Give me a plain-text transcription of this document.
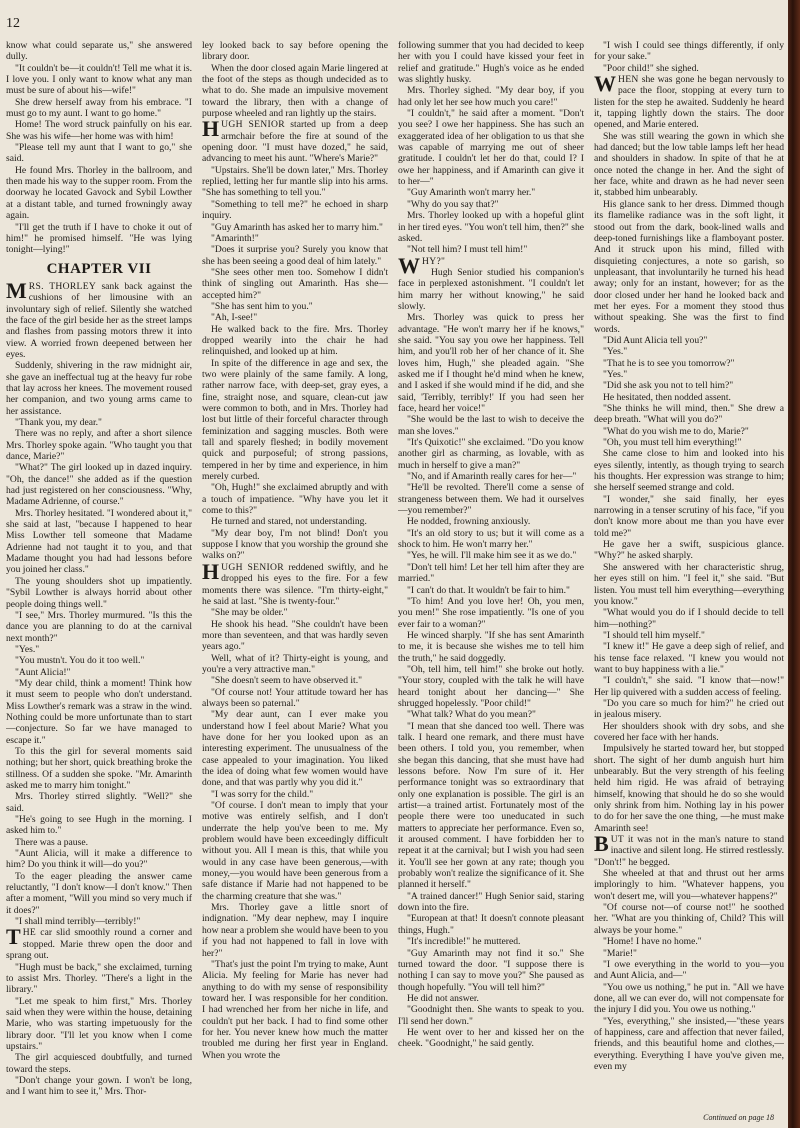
12

know what could separate us," she answered dully.

"It couldn't be—it couldn't! Tell me what it is. I love you. I only want to know what any man must be sure of about his—wife!"

She drew herself away from his embrace. "I must go to my aunt. I want to go home."

Home! The word struck painfully on his ear. She was his wife—her home was with him!

"Please tell my aunt that I want to go," she said.

He found Mrs. Thorley in the ballroom, and then made his way to the supper room. From the doorway he located Gavock and Sybil Lowther at a distant table, and turned frowningly away again.

"I'll get the truth if I have to choke it out of him!" he promised himself. "He was lying tonight—lying!"

CHAPTER VII

MRS. THORLEY sank back against the cushions of her limousine with an involuntary sigh of relief. Silently she watched the face of the girl beside her as the street lamps and flashes from passing motors threw it into view. A worried frown deepened between her eyes.

Suddenly, shivering in the raw midnight air, she gave an ineffectual tug at the heavy fur robe that lay across her knees. The movement roused her companion, and two young arms came to her assistance.

"Thank you, my dear."

There was no reply, and after a short silence Mrs. Thorley spoke again. "Who taught you that dance, Marie?"

"What?" The girl looked up in dazed inquiry. "Oh, the dance!" she added as if the question had just registered on her consciousness. "Why, Madame Adrienne, of course."

Mrs. Thorley hesitated. "I wondered about it," she said at last, "because I happened to hear Miss Lowther tell someone that Madame Adrienne had not taught it to you, and that Madame thought you had had lessons before you joined her class."

The young shoulders shot up impatiently. "Sybil Lowther is always horrid about other people doing things well."

"I see," Mrs. Thorley murmured. "Is this the dance you are planning to do at the carnival next month?"

"Yes."

"You mustn't. You do it too well."

"Aunt Alicia!"

"My dear child, think a moment! Think how it must seem to people who don't understand. Miss Lowther's remark was a straw in the wind. Nothing could be more unfortunate than to start—conjecture. So far we have managed to escape it."

To this the girl for several moments said nothing; but her short, quick breathing broke the stillness. Of a sudden she spoke. "Mr. Amarinth asked me to marry him tonight."

Mrs. Thorley stirred slightly. "Well?" she said.

"He's going to see Hugh in the morning. I asked him to."

There was a pause.

"Aunt Alicia, will it make a difference to him? Do you think it will—do you?"

To the eager pleading the answer came reluctantly, "I don't know—I don't know." Then after a moment, "Will you mind so very much if it does?"

"I shall mind terribly—terribly!"

THE car slid smoothly round a corner and stopped. Marie threw open the door and sprang out.

"Hugh must be back," she exclaimed, turning to assist Mrs. Thorley. "There's a light in the library."

"Let me speak to him first," Mrs. Thorley said when they were within the house, detaining Marie, who was starting impetuously for the library door. "I'll let you know when I come upstairs."

The girl acquiesced doubtfully, and turned toward the steps.

"Don't change your gown. I won't be long, and I want him to see it," Mrs. Thor-

ley looked back to say before opening the library door.

When the door closed again Marie lingered at the foot of the steps as though undecided as to what to do. She made an impulsive movement toward the library, then with a change of purpose wheeled and ran lightly up the stairs.

HUGH SENIOR started up from a deep armchair before the fire at sound of the opening door. "I must have dozed," he said, advancing to meet his aunt. "Where's Marie?"

"Upstairs. She'll be down later," Mrs. Thorley replied, letting her fur mantle slip into his arms. "She has something to tell you."

"Something to tell me?" he echoed in sharp inquiry.

"Guy Amarinth has asked her to marry him."

"Amarinth!"

"Does it surprise you? Surely you know that she has been seeing a good deal of him lately."

"She sees other men too. Somehow I didn't think of singling out Amarinth. Has she—accepted him?"

"She has sent him to you."

"Ah, I-see!"

He walked back to the fire. Mrs. Thorley dropped wearily into the chair he had relinquished, and looked up at him.

In spite of the difference in age and sex, the two were plainly of the same family. A long, rather narrow face, with deep-set, gray eyes, a fine, straight nose, and square, clean-cut jaw were common to both, and in Mrs. Thorley had lost but little of their forceful character through feminization and sagging muscles. Both were tall and sparely fleshed; in bodily movement quick and purposeful; of strong passions, tempered in her by time and experience, in him merely curbed.

"Oh, Hugh!" she exclaimed abruptly and with a touch of impatience. "Why have you let it come to this?"

He turned and stared, not understanding.

"My dear boy, I'm not blind! Don't you suppose I know that you worship the ground she walks on?"

HUGH SENIOR reddened swiftly, and he dropped his eyes to the fire. For a few moments there was silence. "I'm thirty-eight," he said at last. "She is twenty-four."

"She may be older."

He shook his head. "She couldn't have been more than seventeen, and that was hardly seven years ago."

Well, what of it? Thirty-eight is young, and you're a very attractive man."

"She doesn't seem to have observed it."

"Of course not! Your attitude toward her has always been so paternal."

"My dear aunt, can I ever make you understand how I feel about Marie? What you have done for her you looked upon as an interesting experiment. The unusualness of the case appealed to your imagination. You liked the idea of doing what few women would have done, and that was partly why you did it."

"I was sorry for the child."

"Of course. I don't mean to imply that your motive was entirely selfish, and I don't underrate the help you've been to me. My problem would have been exceedingly difficult without you. All I mean is this, that while you would in any case have been generous,—with money,—you would have been generous from a safe distance if Marie had not happened to be the charming creature that she was."

Mrs. Thorley gave a little snort of indignation. "My dear nephew, may I inquire how near a problem she would have been to you if you had not happened to fall in love with her?"

"That's just the point I'm trying to make, Aunt Alicia. My feeling for Marie has never had anything to do with my sense of responsibility toward her. I was responsible for her condition. I had wrenched her from her niche in life, and couldn't put her back. I had to find some other for her. You never knew how much the matter troubled me during her first year in England. When you wrote the

following summer that you had decided to keep her with you I could have kissed your feet in relief and gratitude." Hugh's voice as he ended was slightly husky.

Mrs. Thorley sighed. "My dear boy, if you had only let her see how much you care!"

"I couldn't," he said after a moment. "Don't you see? I owe her happiness. She has such an exaggerated idea of her obligation to us that she was capable of marrying me out of sheer gratitude. I couldn't let her do that, could I? I owe her happiness, and if Amarinth can give it to her—"

"Guy Amarinth won't marry her."

"Why do you say that?"

Mrs. Thorley looked up with a hopeful glint in her tired eyes. "You won't tell him, then?" she asked.

"Not tell him? I must tell him!"

WHY?"

Hugh Senior studied his companion's face in perplexed astonishment. "I couldn't let him marry her without knowing," he said slowly.

Mrs. Thorley was quick to press her advantage. "He won't marry her if he knows," she said. "You say you owe her happiness. Tell him, and you'll rob her of her chance of it. She loves him, Hugh," she pleaded again. "She asked me if I thought he'd mind when he knew, and I asked if she would mind if he did, and she said, 'Terribly, terribly!' If you had seen her face, heard her voice!"

"She would be the last to wish to deceive the man she loves."

"It's Quixotic!" she exclaimed. "Do you know another girl as charming, as lovable, with as much in herself to give a man?"

"No, and if Amarinth really cares for her—"

"He'll be revolted. There'll come a sense of strangeness between them. We had it ourselves—you remember?"

He nodded, frowning anxiously.

"It's an old story to us; but it will come as a shock to him. He won't marry her."

"Yes, he will. I'll make him see it as we do."

"Don't tell him! Let her tell him after they are married."

"I can't do that. It wouldn't be fair to him."

"To him! And you love her! Oh, you men, you men!" She rose impatiently. "Is one of you ever fair to a woman?"

He winced sharply. "If she has sent Amarinth to me, it is because she wishes me to tell him the truth," he said doggedly.

"Oh, tell him, tell him!" she broke out hotly. "Your story, coupled with the talk he will have heard tonight about her dancing—" She shrugged hopelessly. "Poor child!"

"What talk? What do you mean?"

"I mean that she danced too well. There was talk. I heard one remark, and there must have been others. I told you, you remember, when she began this dancing, that she must have had lessons before. Now I'm sure of it. Her performance tonight was so extraordinary that only one explanation is possible. The girl is an artist—a trained artist. Fortunately most of the people there were too uneducated in such matters to appreciate her performance. Even so, it aroused comment. I have forbidden her to repeat it at the carnival; but I wish you had seen it. You'll see her gown at any rate; though you probably won't realize the significance of it. She planned it herself."

"A trained dancer!" Hugh Senior said, staring down into the fire.

"European at that! It doesn't connote pleasant things, Hugh."

"It's incredible!" he muttered.

"Guy Amarinth may not find it so." She turned toward the door. "I suppose there is nothing I can say to move you?" She paused as though hopefully. "You will tell him?"

He did not answer.

"Goodnight then. She wants to speak to you. I'll send her down."

He went over to her and kissed her on the cheek. "Goodnight," he said gently.

"I wish I could see things differently, if only for your sake."

"Poor child!" she sighed.

WHEN she was gone he began nervously to pace the floor, stopping at every turn to listen for the step he awaited. Suddenly he heard it, tapping lightly down the stairs. The door opened, and Marie entered.

She was still wearing the gown in which she had danced; but the low table lamps left her head and shoulders in shadow. In spite of that he at once noted the change in her. And the sight of her face, white and drawn as he had never seen it, stabbed him unbearably.

His glance sank to her dress. Dimmed though its flamelike radiance was in the soft light, it stood out from the dark, book-lined walls and deep-toned furnishings like a flamboyant poster. And it struck upon his mind, filled with disquieting conjectures, a note so garish, so unpleasant, that involuntarily he turned his head away; only for an instant, however; for as the door closed under her hand he looked back and met her eyes. For a moment they stood thus without speaking. She was the first to find words.

"Did Aunt Alicia tell you?"

"Yes."

"That he is to see you tomorrow?"

"Yes."

"Did she ask you not to tell him?"

He hesitated, then nodded assent.

"She thinks he will mind, then." She drew a deep breath. "What will you do?"

"What do you wish me to do, Marie?"

"Oh, you must tell him everything!"

She came close to him and looked into his eyes silently, intently, as though trying to search his thoughts. Her expression was strange to him; she herself seemed strange and cold.

"I wonder," she said finally, her eyes narrowing in a tenser scrutiny of his face, "if you don't know more about me than you have ever told me?"

He gave her a swift, suspicious glance. "Why?" he asked sharply.

She answered with her characteristic shrug, her eyes still on him. "I feel it," she said. "But listen. You must tell him everything—everything you know."

"What would you do if I should decide to tell him—nothing?"

"I should tell him myself."

"I knew it!" He gave a deep sigh of relief, and his tense face relaxed. "I knew you would not want to buy happiness with a lie."

"I couldn't," she said. "I know that—now!" Her lip quivered with a sudden access of feeling.

"Do you care so much for him?" he cried out in jealous misery.

Her shoulders shook with dry sobs, and she covered her face with her hands.

Impulsively he started toward her, but stopped short. The sight of her dumb anguish hurt him unbearably. But the very strength of his feeling held him rigid. He was afraid of betraying himself, knowing that should he do so she would only shrink from him. Nothing lay in his power to do for her save the one thing, —he must make Amarinth see!

BUT it was not in the man's nature to stand inactive and silent long. He stirred restlessly. "Don't!" he begged.

She wheeled at that and thrust out her arms imploringly to him. "Whatever happens, you won't desert me, will you—whatever happens?"

"Of course not—of course not!" he soothed her. "What are you thinking of, Child? This will always be your home."

"Home! I have no home."

"Marie!"

"I owe everything in the world to you—you and Aunt Alicia, and—"

"You owe us nothing," he put in. "All we have done, all we can ever do, will not compensate for the injury I did you. You owe us nothing."

"Yes, everything," she insisted,—"these years of happiness, care and affection that never failed, friends, and this beautiful home and clothes,—everything. Everything I have you've given me, even my

Continued on page 18
